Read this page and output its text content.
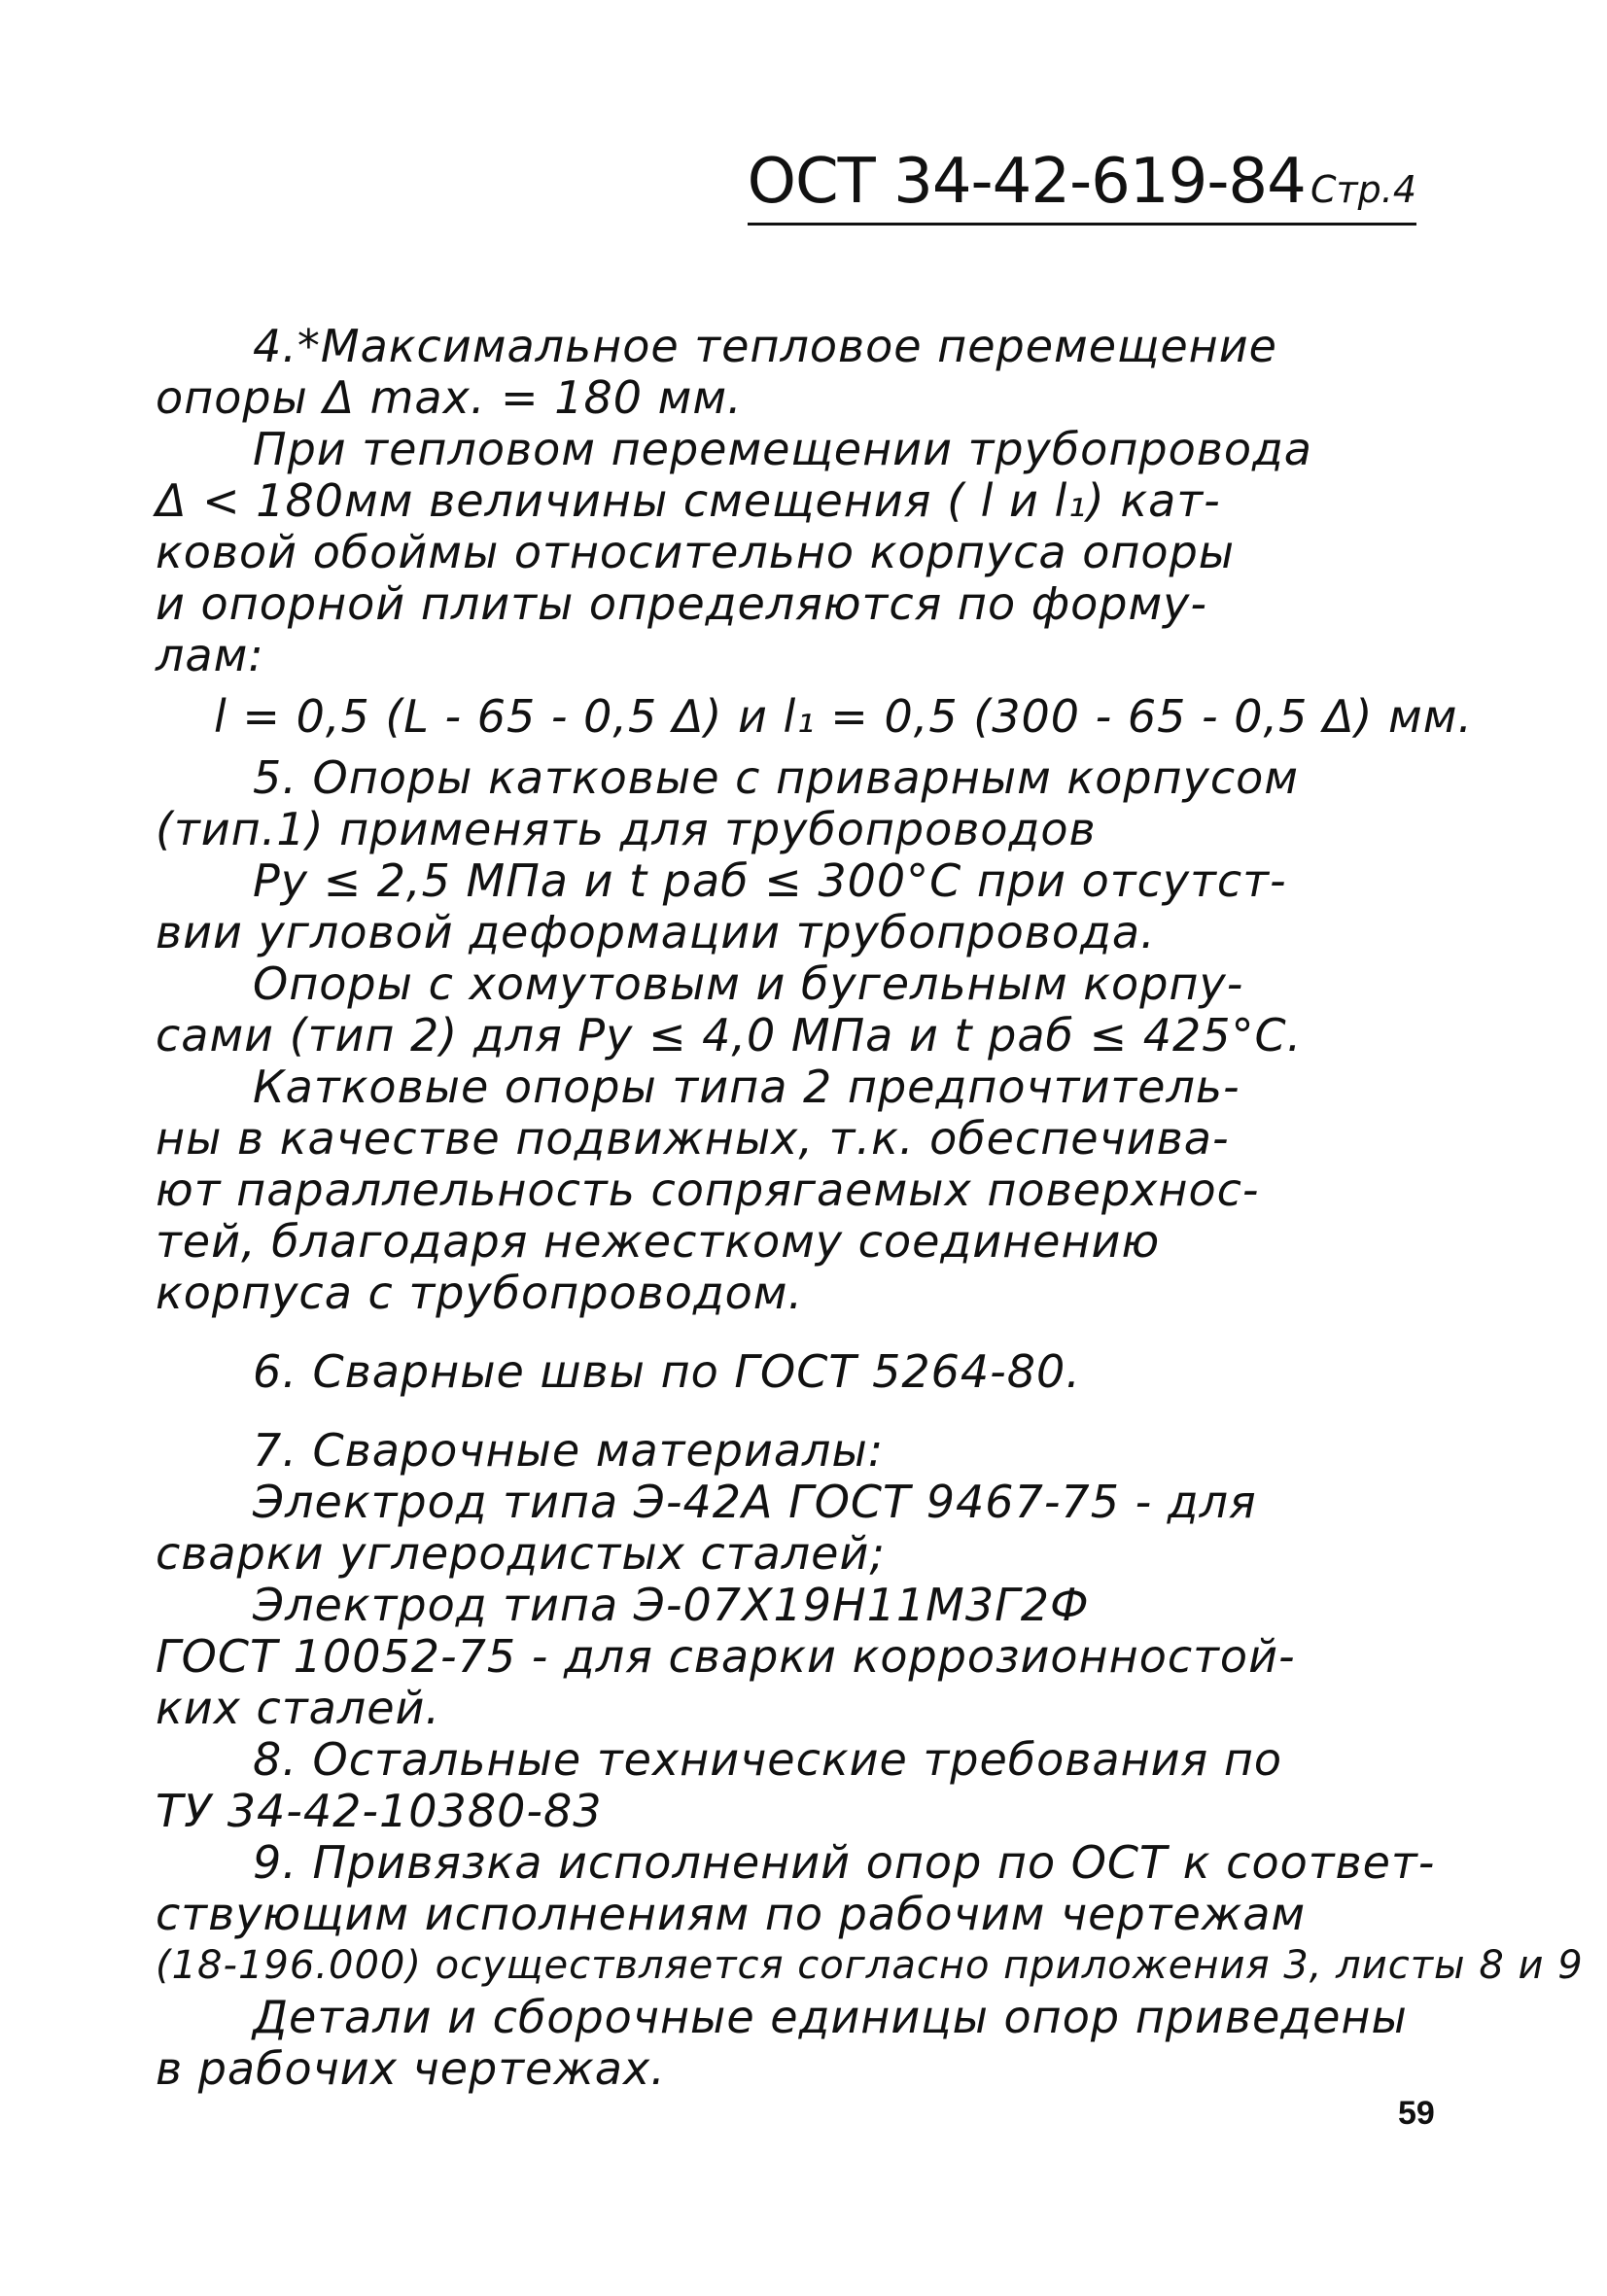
ОСТ 34-42-619-84 Стр.4
4.*Максимальное тепловое перемещение
опоры Δ max. = 180 мм.
При тепловом перемещении трубопровода
Δ < 180мм величины смещения ( l и l₁) кат-
ковой обоймы относительно корпуса опоры
и опорной плиты определяются по форму-
лам:
l = 0,5 (L - 65 - 0,5 Δ) и l₁ = 0,5 (300 - 65 - 0,5 Δ) мм.
5. Опоры катковые с приварным корпусом
(тип.1) применять для трубопроводов
Py ≤ 2,5 МПа и t раб ≤ 300°С при отсутст-
вии угловой деформации трубопровода.
Опоры с хомутовым и бугельным корпу-
сами (тип 2) для Py ≤ 4,0 МПа и t раб ≤ 425°С.
Катковые опоры типа 2 предпочтитель-
ны в качестве подвижных, т.к. обеспечива-
ют параллельность сопрягаемых поверхнос-
тей, благодаря нежесткому соединению
корпуса с трубопроводом.
6. Сварные швы по ГОСТ 5264-80.
7. Сварочные материалы:
Электрод типа Э-42А ГОСТ 9467-75 - для
сварки углеродистых сталей;
Электрод типа Э-07Х19Н11М3Г2Ф
ГОСТ 10052-75 - для сварки коррозионностой-
ких сталей.
8. Остальные технические требования по
ТУ 34-42-10380-83
9. Привязка исполнений опор по ОСТ к соответ-
ствующим исполнениям по рабочим чертежам
(18-196.000) осуществляется согласно приложения 3, листы 8 и 9
Детали и сборочные единицы опор приведены
в рабочих чертежах.
59
